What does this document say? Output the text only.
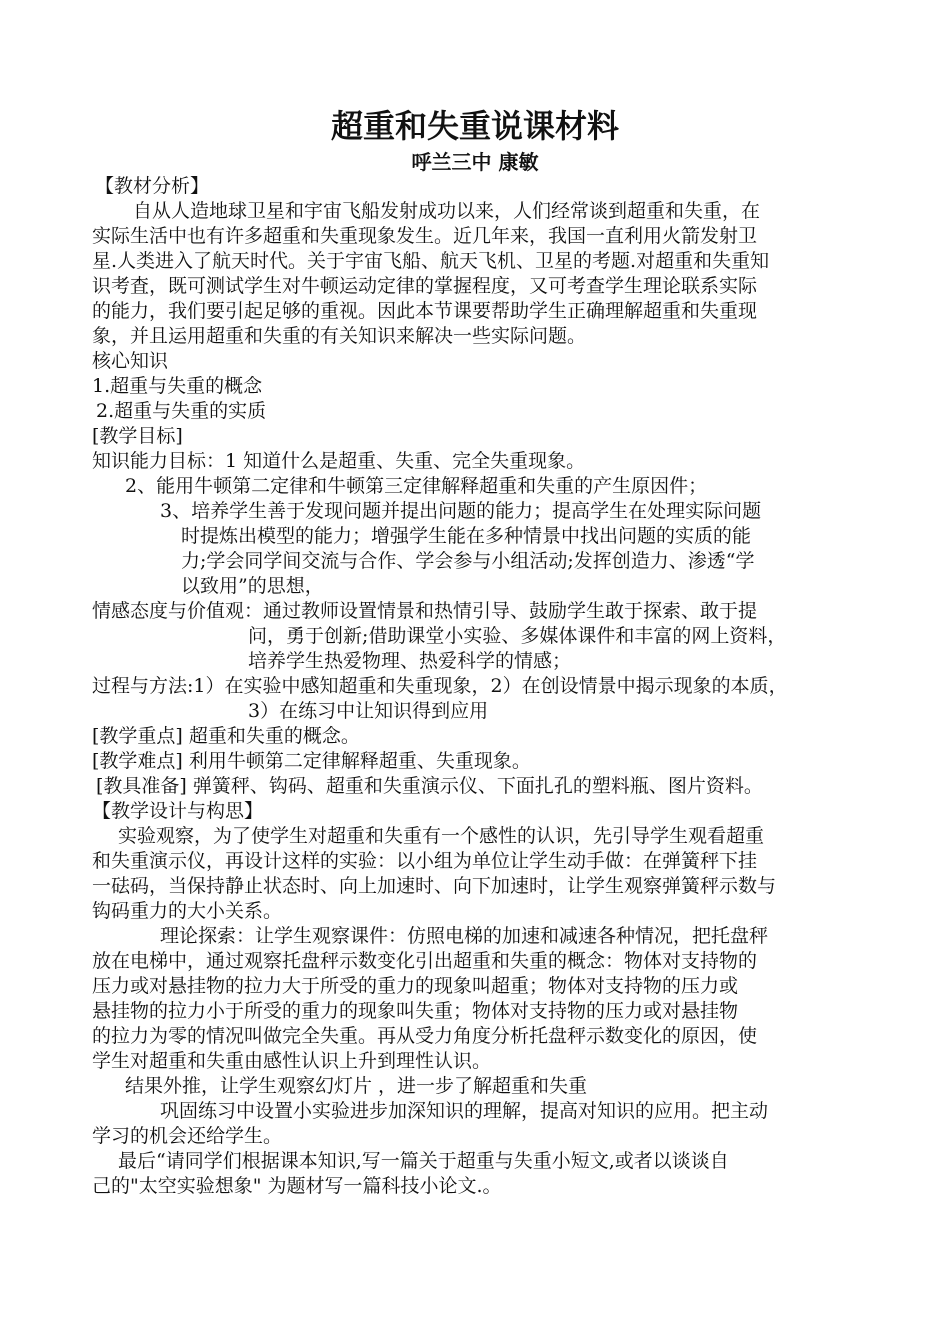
超重和失重说课材料
呼兰三中 康敏
【教材分析】
自从人造地球卫星和宇宙飞船发射成功以来，人们经常谈到超重和失重，在
实际生活中也有许多超重和失重现象发生。近几年来，我国一直利用火箭发射卫
星.人类进入了航天时代。关于宇宙飞船、航天飞机、卫星的考题.对超重和失重知
识考査，既可测试学生对牛顿运动定律的掌握程度，又可考查学生理论联系实际
的能力，我们要引起足够的重视。因此本节课要帮助学生正确理解超重和失重现
象，并且运用超重和失重的有关知识来解决一些实际问题。
核心知识
1.超重与失重的概念
2.超重与失重的实质
[教学目标]
知识能力目标：1 知道什么是超重、失重、完全失重现象。
2、能用牛顿第二定律和牛顿第三定律解释超重和失重的产生原因件；
3、培养学生善于发现问题并提出问题的能力；提高学生在处理实际问题
时提炼出模型的能力；增强学生能在多种情景中找出问题的实质的能
力;学会同学间交流与合作、学会参与小组活动;发挥创造力、渗透“学
以致用”的思想，
情感态度与价值观：通过教师设置情景和热情引导、鼓励学生敢于探索、敢于提
问，勇于创新;借助课堂小实验、多媒体课件和丰富的网上资料，
培养学生热爱物理、热爱科学的情感；
过程与方法:1）在实验中感知超重和失重现象，2）在创设情景中揭示现象的本质，
3）在练习中让知识得到应用
[教学重点] 超重和失重的概念。
[教学难点] 利用牛顿第二定律解释超重、失重现象。
[教具准备] 弹簧秤、钩码、超重和失重演示仪、下面扎孔的塑料瓶、图片资料。
【教学设计与构思】
实验观察，为了使学生对超重和失重有一个感性的认识，先引导学生观看超重
和失重演示仪，再设计这样的实验：以小组为单位让学生动手做：在弹簧秤下挂
一砝码，当保持静止状态时、向上加速时、向下加速时，让学生观察弹簧秤示数与
钩码重力的大小关系。
理论探索：让学生观察课件：仿照电梯的加速和减速各种情况，把托盘秤
放在电梯中，通过观察托盘秤示数变化引出超重和失重的概念：物体对支持物的
压力或对悬挂物的拉力大于所受的重力的现象叫超重；物体对支持物的压力或
悬挂物的拉力小于所受的重力的现象叫失重；物体对支持物的压力或对悬挂物
的拉力为零的情况叫做完全失重。再从受力角度分析托盘秤示数变化的原因，使
学生对超重和失重由感性认识上升到理性认识。
结果外推，让学生观察幻灯片 ，进一步了解超重和失重
巩固练习中设置小实验进步加深知识的理解，提高对知识的应用。把主动
学习的机会还给学生。
最后“请同学们根据课本知识,写一篇关于超重与失重小短文,或者以谈谈自
己的"太空实验想象" 为题材写一篇科技小论文.。
